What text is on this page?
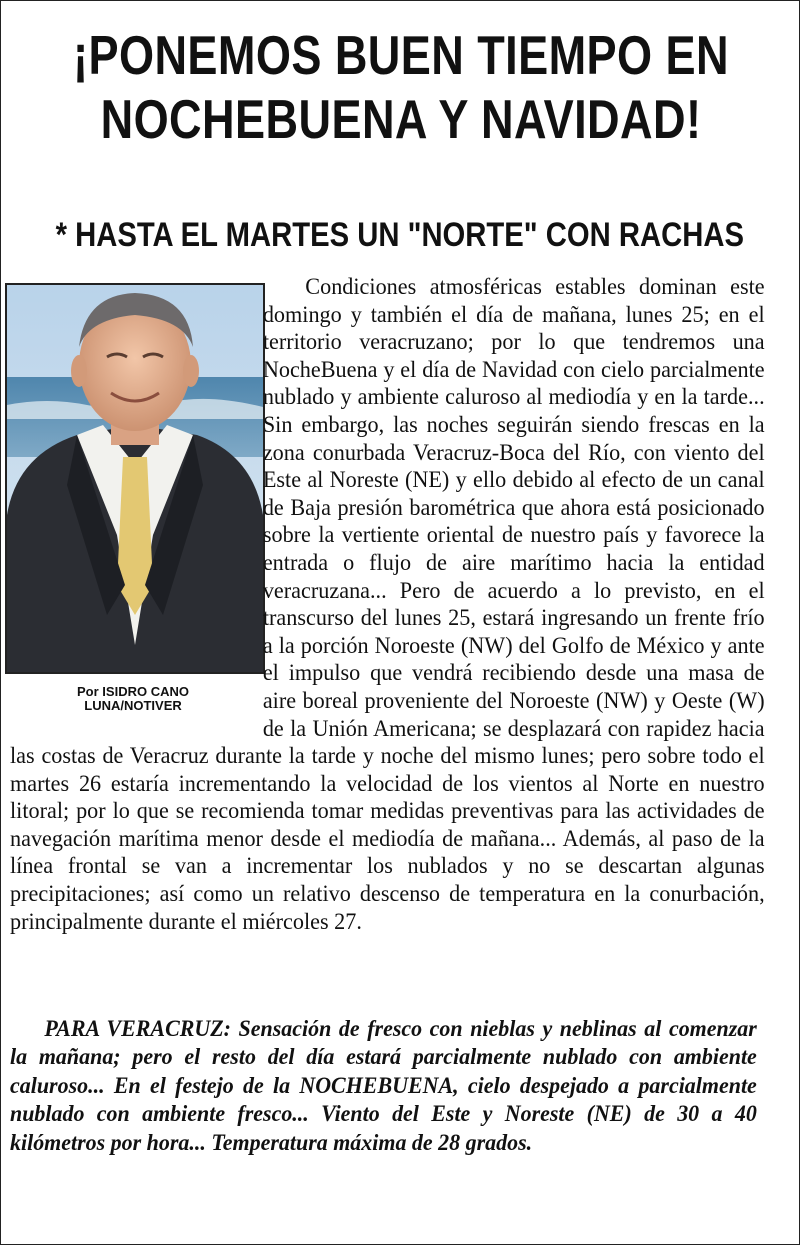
¡PONEMOS BUEN TIEMPO EN
NOCHEBUENA Y NAVIDAD!
* HASTA EL MARTES UN "NORTE" CON RACHAS
Por ISIDRO CANO
LUNA/NOTIVER

Condiciones atmosféricas estables dominan este domingo y también el día de mañana, lunes 25; en el territorio veracruzano; por lo que tendremos una NocheBuena y el día de Navidad con cielo parcialmente nublado y ambiente caluroso al mediodía y en la tarde... Sin embargo, las noches seguirán siendo frescas en la zona conurbada Veracruz-Boca del Río, con viento del Este al Noreste (NE) y ello debido al efecto de un canal de Baja presión barométrica que ahora está posicionado sobre la vertiente oriental de nuestro país y favorece la entrada o flujo de aire marítimo hacia la entidad veracruzana... Pero de acuerdo a lo previsto, en el transcurso del lunes 25, estará ingresando un frente frío a la porción Noroeste (NW) del Golfo de México y ante el impulso que vendrá recibiendo desde una masa de aire boreal proveniente del Noroeste (NW) y Oeste (W) de la Unión Americana; se desplazará con rapidez hacia las costas de Veracruz durante la tarde y noche del mismo lunes; pero sobre todo el martes 26 estaría incrementando la velocidad de los vientos al Norte en nuestro litoral; por lo que se recomienda tomar medidas preventivas para las actividades de navegación marítima menor desde el mediodía de mañana... Además, al paso de la línea frontal se van a incrementar los nublados y no se descartan algunas precipitaciones; así como un relativo descenso de temperatura en la conurbación, principalmente durante el miércoles 27.

PARA VERACRUZ: Sensación de fresco con nieblas y neblinas al comenzar la mañana; pero el resto del día estará parcialmente nublado con ambiente caluroso... En el festejo de la NOCHEBUENA, cielo despejado a parcialmente nublado con ambiente fresco... Viento del Este y Noreste (NE) de 30 a 40 kilómetros por hora... Temperatura máxima de 28 grados.
